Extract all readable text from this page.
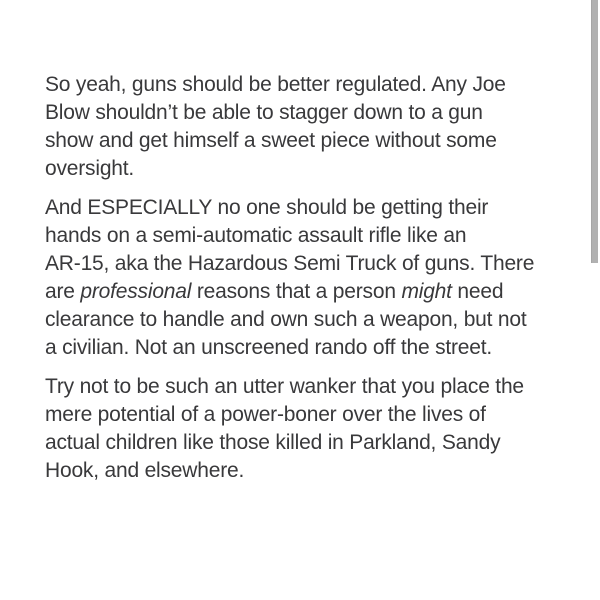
So yeah, guns should be better regulated. Any Joe
Blow shouldn’t be able to stagger down to a gun
show and get himself a sweet piece without some
oversight.
And ESPECIALLY no one should be getting their
hands on a semi-automatic assault rifle like an
AR-15, aka the Hazardous Semi Truck of guns. There
are professional reasons that a person might need
clearance to handle and own such a weapon, but not
a civilian. Not an unscreened rando off the street.
Try not to be such an utter wanker that you place the
mere potential of a power-boner over the lives of
actual children like those killed in Parkland, Sandy
Hook, and elsewhere.
